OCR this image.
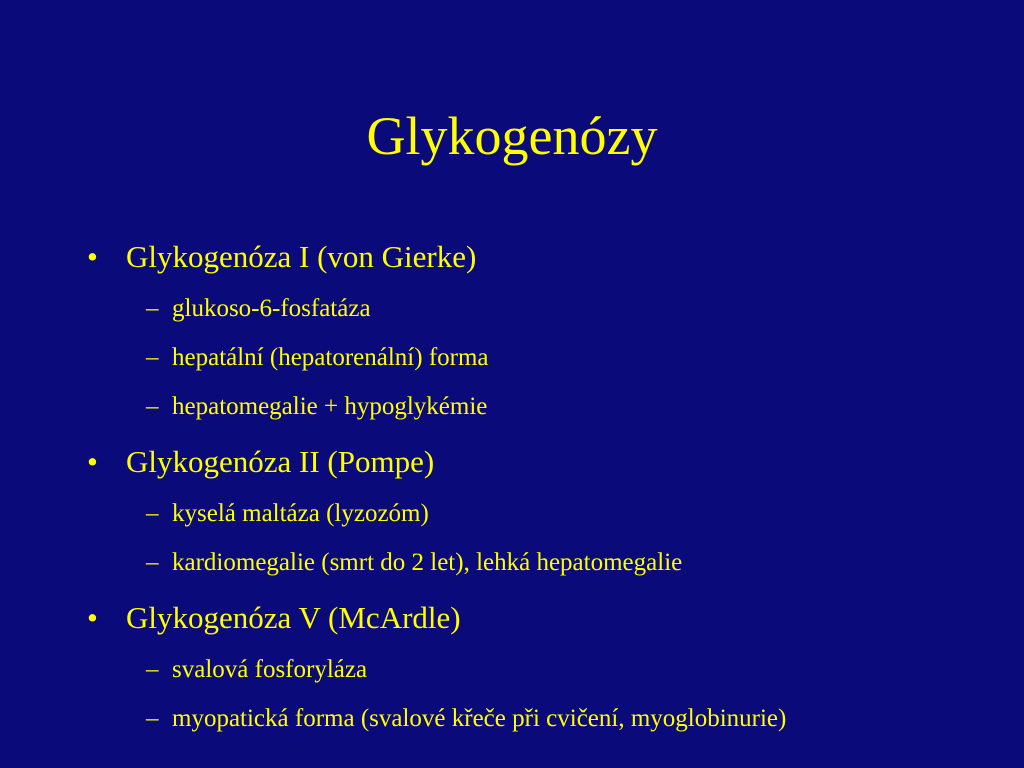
Glykogenózy
• Glykogenóza I (von Gierke)
– glukoso-6-fosfatáza
– hepatální (hepatorenální) forma
– hepatomegalie + hypoglykémie
• Glykogenóza II (Pompe)
– kyselá maltáza (lyzozóm)
– kardiomegalie (smrt do 2 let), lehká hepatomegalie
• Glykogenóza V (McArdle)
– svalová fosforyláza
– myopatická forma (svalové křeče při cvičení, myoglobinurie)
